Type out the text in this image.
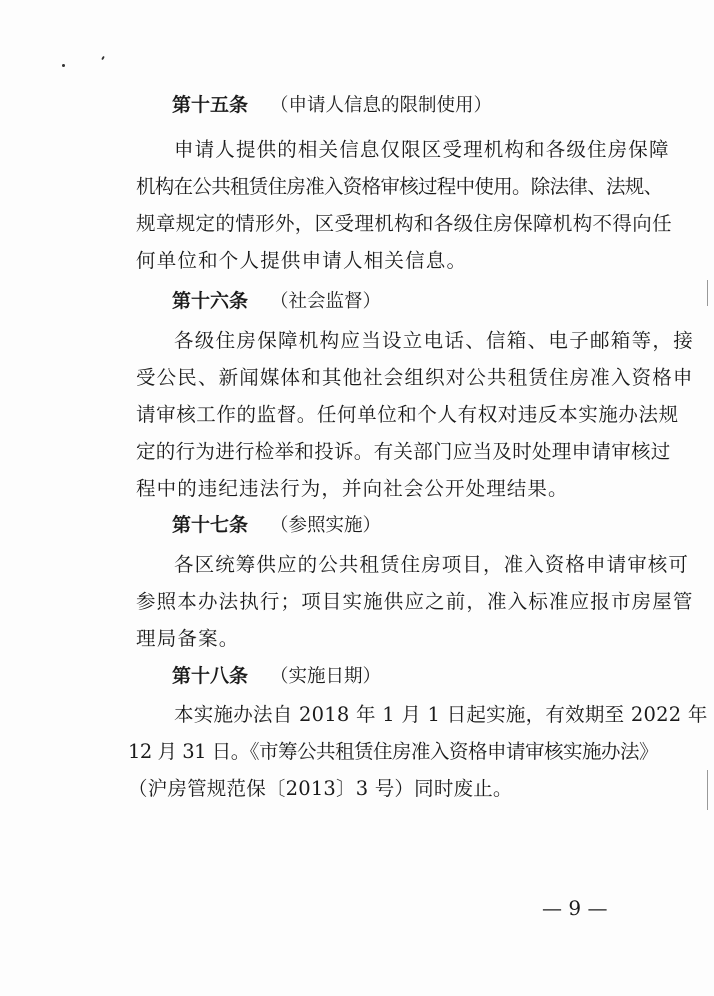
第十五条 （申请人信息的限制使用）
申请人提供的相关信息仅限区受理机构和各级住房保障
机构在公共租赁住房准入资格审核过程中使用。除法律、法规、
规章规定的情形外，区受理机构和各级住房保障机构不得向任
何单位和个人提供申请人相关信息。
第十六条 （社会监督）
各级住房保障机构应当设立电话、信箱、电子邮箱等，接
受公民、新闻媒体和其他社会组织对公共租赁住房准入资格申
请审核工作的监督。任何单位和个人有权对违反本实施办法规
定的行为进行检举和投诉。有关部门应当及时处理申请审核过
程中的违纪违法行为，并向社会公开处理结果。
第十七条 （参照实施）
各区统筹供应的公共租赁住房项目，准入资格申请审核可
参照本办法执行；项目实施供应之前，准入标准应报市房屋管
理局备案。
第十八条 （实施日期）
本实施办法自 2018 年 1 月 1 日起实施，有效期至 2022 年
12 月 31 日。《市筹公共租赁住房准入资格申请审核实施办法》
（沪房管规范保〔2013〕3 号）同时废止。
— 9 —
